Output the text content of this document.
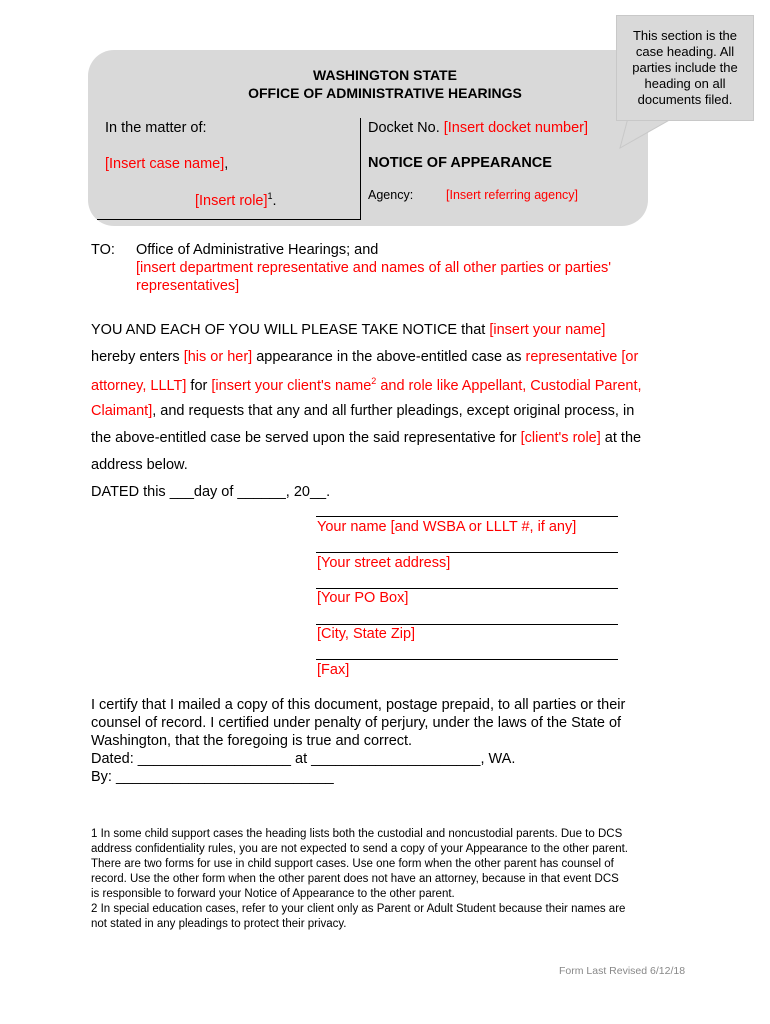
WASHINGTON STATE
OFFICE OF ADMINISTRATIVE HEARINGS
In the matter of:
[Insert case name],
[Insert role]$^1$.
Docket No. [Insert docket number]
NOTICE OF APPEARANCE
Agency:	[Insert referring agency]
This section is the case heading. All parties include the heading on all documents filed.
TO: Office of Administrative Hearings; and
[insert department representative and names of all other parties or parties'
representatives]
YOU AND EACH OF YOU WILL PLEASE TAKE NOTICE that [insert your name]
hereby enters [his or her] appearance in the above-entitled case as representative [or
attorney, LLLT] for [insert your client's name$^2$ and role like Appellant, Custodial Parent,
Claimant], and requests that any and all further pleadings, except original process, in
the above-entitled case be served upon the said representative for [client's role] at the
address below.
DATED this ___day of ______, 20__.
Your name [and WSBA or LLLT #, if any]
[Your street address]
[Your PO Box]
[City, State Zip]
[Fax]
I certify that I mailed a copy of this document, postage prepaid, to all parties or their
counsel of record. I certified under penalty of perjury, under the laws of the State of
Washington, that the foregoing is true and correct.
Dated: ___________________ at _____________________, WA.
By: ___________________________
1 In some child support cases the heading lists both the custodial and noncustodial parents. Due to DCS
address confidentiality rules, you are not expected to send a copy of your Appearance to the other parent.
There are two forms for use in child support cases. Use one form when the other parent has counsel of
record. Use the other form when the other parent does not have an attorney, because in that event DCS
is responsible to forward your Notice of Appearance to the other parent.
2 In special education cases, refer to your client only as Parent or Adult Student because their names are
not stated in any pleadings to protect their privacy.
Form Last Revised 6/12/18
